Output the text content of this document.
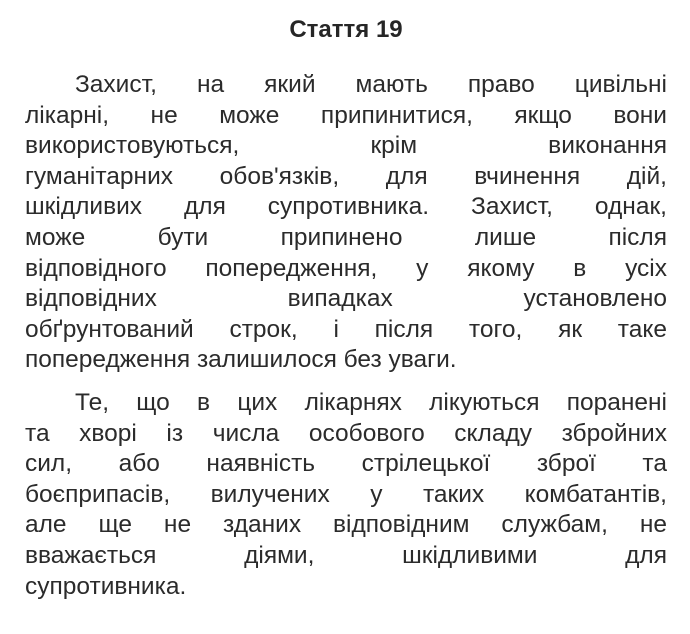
Стаття 19

Захист, на який мають право цивільні
лікарні, не може припинитися, якщо вони
використовуються, крім виконання
гуманітарних обов'язків, для вчинення дій,
шкідливих для супротивника. Захист, однак,
може бути припинено лише після
відповідного попередження, у якому в усіх
відповідних випадках установлено
обґрунтований строк, і після того, як таке
попередження залишилося без уваги.

Те, що в цих лікарнях лікуються поранені
та хворі із числа особового складу збройних
сил, або наявність стрілецької зброї та
боєприпасів, вилучених у таких комбатантів,
але ще не зданих відповідним службам, не
вважається діями, шкідливими для
супротивника.
